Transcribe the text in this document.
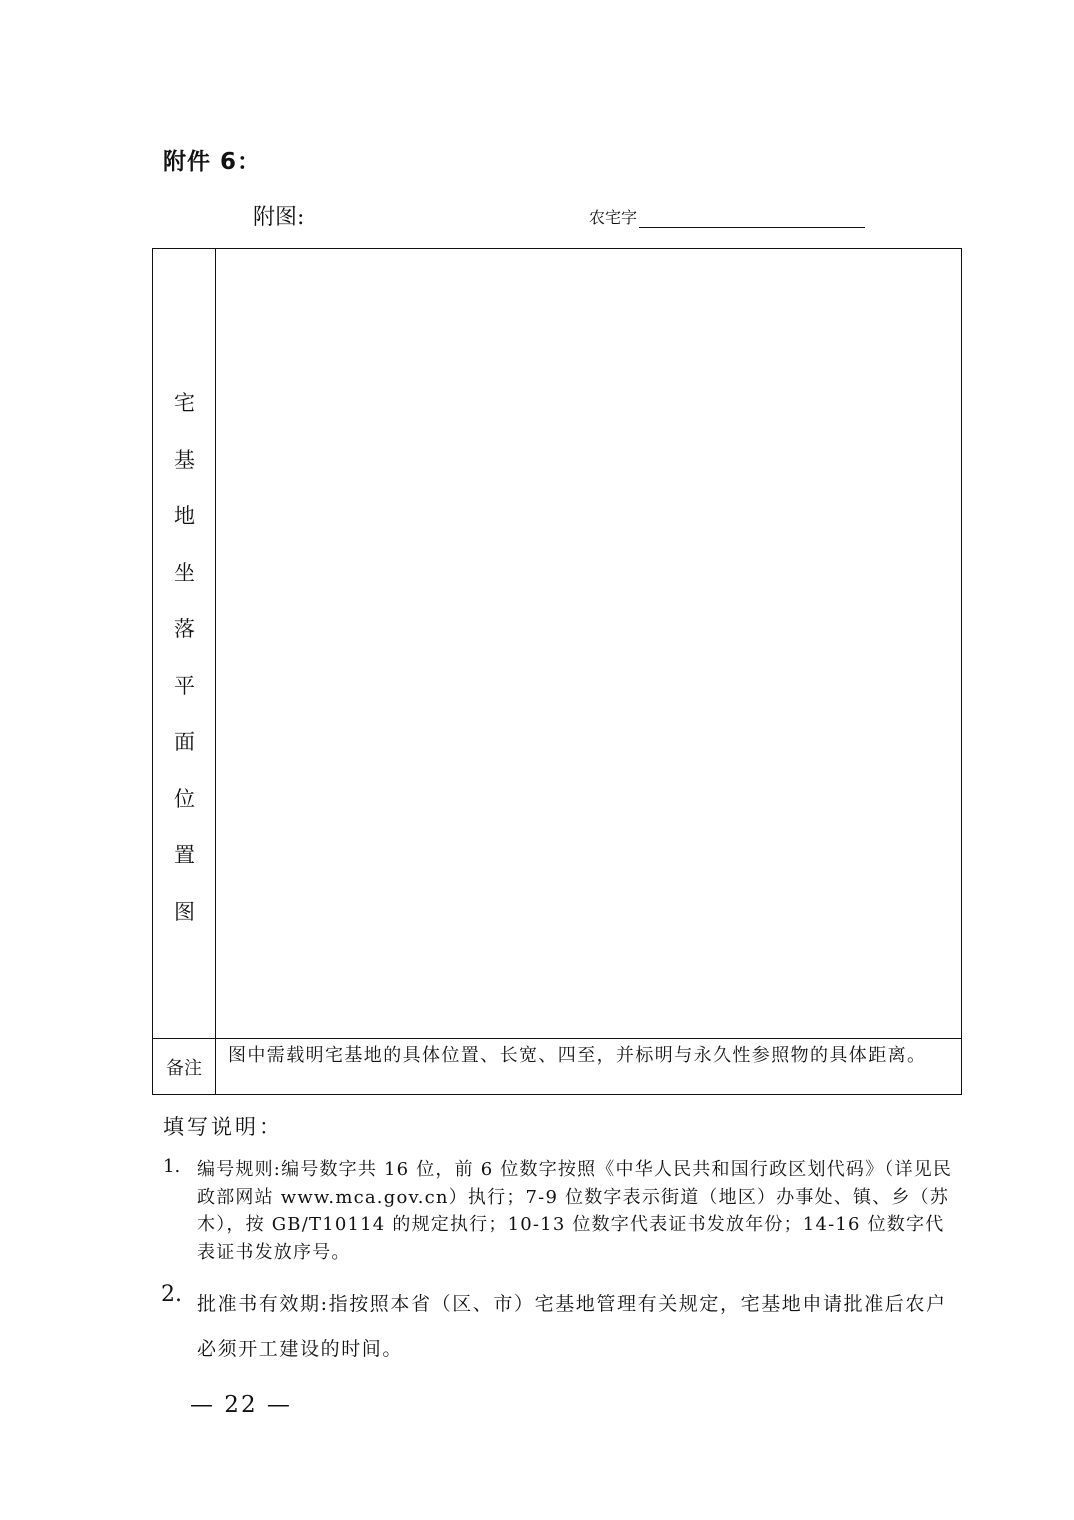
附件 6：
附图:	农宅字
宅
基
地
坐
落
平
面
位
置
图
备注
图中需载明宅基地的具体位置、长宽、四至，并标明与永久性参照物的具体距离。
填写说明：
1. 编号规则:编号数字共 16 位，前 6 位数字按照《中华人民共和国行政区划代码》（详见民政部网站 www.mca.gov.cn）执行；7-9 位数字表示街道（地区）办事处、镇、乡（苏木），按 GB/T10114 的规定执行；10-13 位数字代表证书发放年份；14-16 位数字代表证书发放序号。
2. 批准书有效期:指按照本省（区、市）宅基地管理有关规定，宅基地申请批准后农户必须开工建设的时间。
— 22 —
